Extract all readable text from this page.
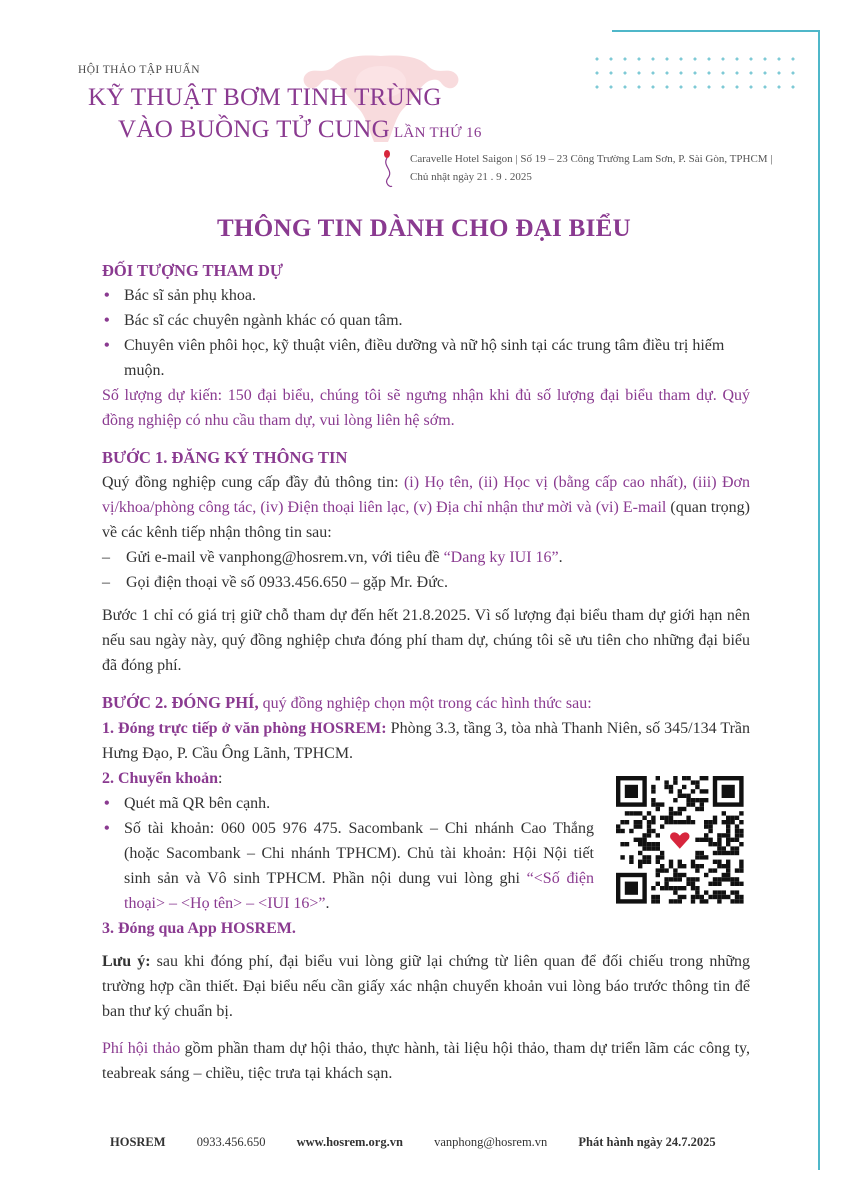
HỘI THẢO TẬP HUẤN
KỸ THUẬT BƠM TINH TRÙNG
VÀO BUỒNG TỬ CUNG LẦN THỨ 16
Caravelle Hotel Saigon | Số 19 – 23 Công Trường Lam Sơn, P. Sài Gòn, TPHCM |
Chủ nhật ngày 21 . 9 . 2025
THÔNG TIN DÀNH CHO ĐẠI BIỂU
ĐỐI TƯỢNG THAM DỰ
• Bác sĩ sản phụ khoa.
• Bác sĩ các chuyên ngành khác có quan tâm.
• Chuyên viên phôi học, kỹ thuật viên, điều dưỡng và nữ hộ sinh tại các trung tâm điều trị hiếm muộn.
Số lượng dự kiến: 150 đại biểu, chúng tôi sẽ ngưng nhận khi đủ số lượng đại biểu tham dự. Quý đồng nghiệp có nhu cầu tham dự, vui lòng liên hệ sớm.
BƯỚC 1. ĐĂNG KÝ THÔNG TIN
Quý đồng nghiệp cung cấp đầy đủ thông tin: (i) Họ tên, (ii) Học vị (bằng cấp cao nhất), (iii) Đơn vị/khoa/phòng công tác, (iv) Điện thoại liên lạc, (v) Địa chỉ nhận thư mời và (vi) E-mail (quan trọng) về các kênh tiếp nhận thông tin sau:
– Gửi e-mail về vanphong@hosrem.vn, với tiêu đề “Dang ky IUI 16”.
– Gọi điện thoại về số 0933.456.650 – gặp Mr. Đức.
Bước 1 chỉ có giá trị giữ chỗ tham dự đến hết 21.8.2025. Vì số lượng đại biểu tham dự giới hạn nên nếu sau ngày này, quý đồng nghiệp chưa đóng phí tham dự, chúng tôi sẽ ưu tiên cho những đại biểu đã đóng phí.
BƯỚC 2. ĐÓNG PHÍ, quý đồng nghiệp chọn một trong các hình thức sau:
1. Đóng trực tiếp ở văn phòng HOSREM: Phòng 3.3, tầng 3, tòa nhà Thanh Niên, số 345/134 Trần Hưng Đạo, P. Cầu Ông Lãnh, TPHCM.
2. Chuyển khoản:
• Quét mã QR bên cạnh.
• Số tài khoản: 060 005 976 475. Sacombank – Chi nhánh Cao Thắng (hoặc Sacombank – Chi nhánh TPHCM). Chủ tài khoản: Hội Nội tiết sinh sản và Vô sinh TPHCM. Phần nội dung vui lòng ghi “<Số điện thoại> – <Họ tên> – <IUI 16>”.
3. Đóng qua App HOSREM.
Lưu ý: sau khi đóng phí, đại biểu vui lòng giữ lại chứng từ liên quan để đối chiếu trong những trường hợp cần thiết. Đại biểu nếu cần giấy xác nhận chuyển khoản vui lòng báo trước thông tin để ban thư ký chuẩn bị.
Phí hội thảo gồm phần tham dự hội thảo, thực hành, tài liệu hội thảo, tham dự triển lãm các công ty, teabreak sáng – chiều, tiệc trưa tại khách sạn.
HOSREM 0933.456.650 www.hosrem.org.vn vanphong@hosrem.vn Phát hành ngày 24.7.2025
